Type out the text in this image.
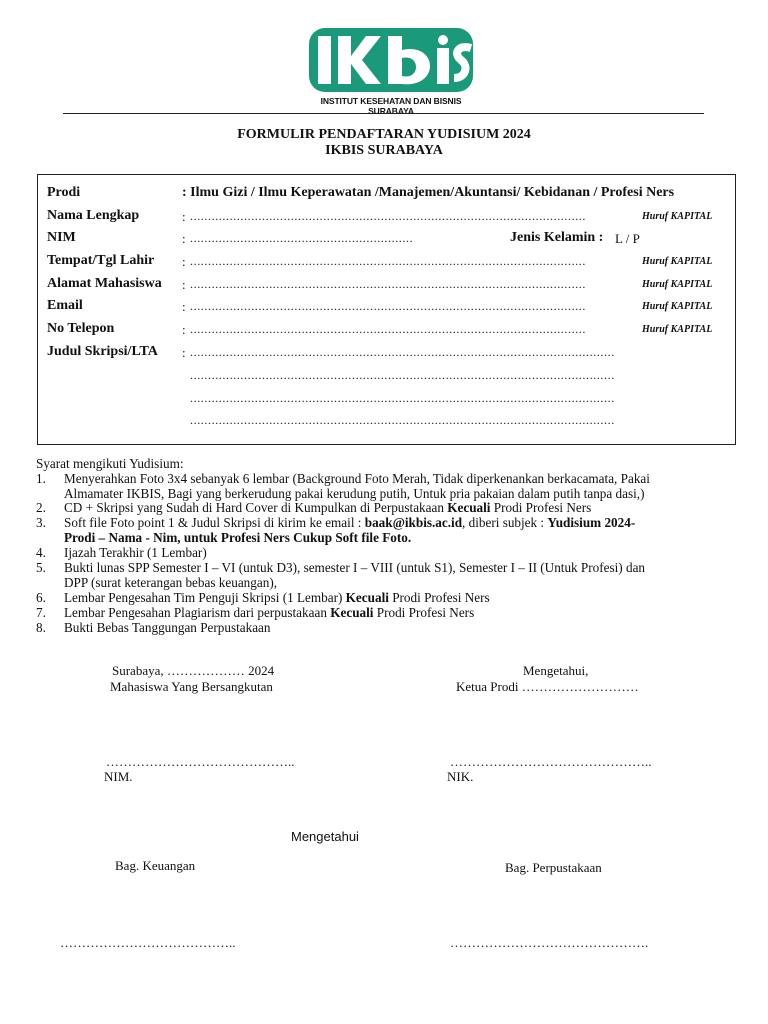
INSTITUT KESEHATAN DAN BISNIS SURABAYA
FORMULIR PENDAFTARAN YUDISIUM 2024
IKBIS SURABAYA
Prodi	: Ilmu Gizi / Ilmu Keperawatan /Manajemen/Akuntansi/ Kebidanan / Profesi Ners
Nama Lengkap	: ..............................................................................................................	Huruf KAPITAL
NIM	: ..............................................................	Jenis Kelamin : L / P
Tempat/Tgl Lahir : ..............................................................................................................	Huruf KAPITAL
Alamat Mahasiswa : ..............................................................................................................	Huruf KAPITAL
Email	: ..............................................................................................................	Huruf KAPITAL
No Telepon	: ..............................................................................................................	Huruf KAPITAL
Judul Skripsi/LTA : ......................................................................................................................
......................................................................................................................
......................................................................................................................
......................................................................................................................
Syarat mengikuti Yudisium:
1. Menyerahkan Foto 3x4 sebanyak 6 lembar (Background Foto Merah, Tidak diperkenankan berkacamata, Pakai
Almamater IKBIS, Bagi yang berkerudung pakai kerudung putih, Untuk pria pakaian dalam putih tanpa dasi,)
2. CD + Skripsi yang Sudah di Hard Cover di Kumpulkan di Perpustakaan Kecuali Prodi Profesi Ners
3. Soft file Foto point 1 & Judul Skripsi di kirim ke email : baak@ikbis.ac.id, diberi subjek : Yudisium 2024-
Prodi – Nama - Nim, untuk Profesi Ners Cukup Soft file Foto.
4. Ijazah Terakhir (1 Lembar)
5. Bukti lunas SPP Semester I – VI (untuk D3), semester I – VIII (untuk S1), Semester I – II (Untuk Profesi) dan
DPP (surat keterangan bebas keuangan),
6. Lembar Pengesahan Tim Penguji Skripsi (1 Lembar) Kecuali Prodi Profesi Ners
7. Lembar Pengesahan Plagiarism dari perpustakaan Kecuali Prodi Profesi Ners
8. Bukti Bebas Tanggungan Perpustakaan
Surabaya, ……………… 2024
Mahasiswa Yang Bersangkutan
Mengetahui,
Ketua Prodi ………………………
……………………………………..	………………………………………..
NIM.	NIK.
Mengetahui
Bag. Keuangan	Bag. Perpustakaan
…………………………………..	……………………………………….
